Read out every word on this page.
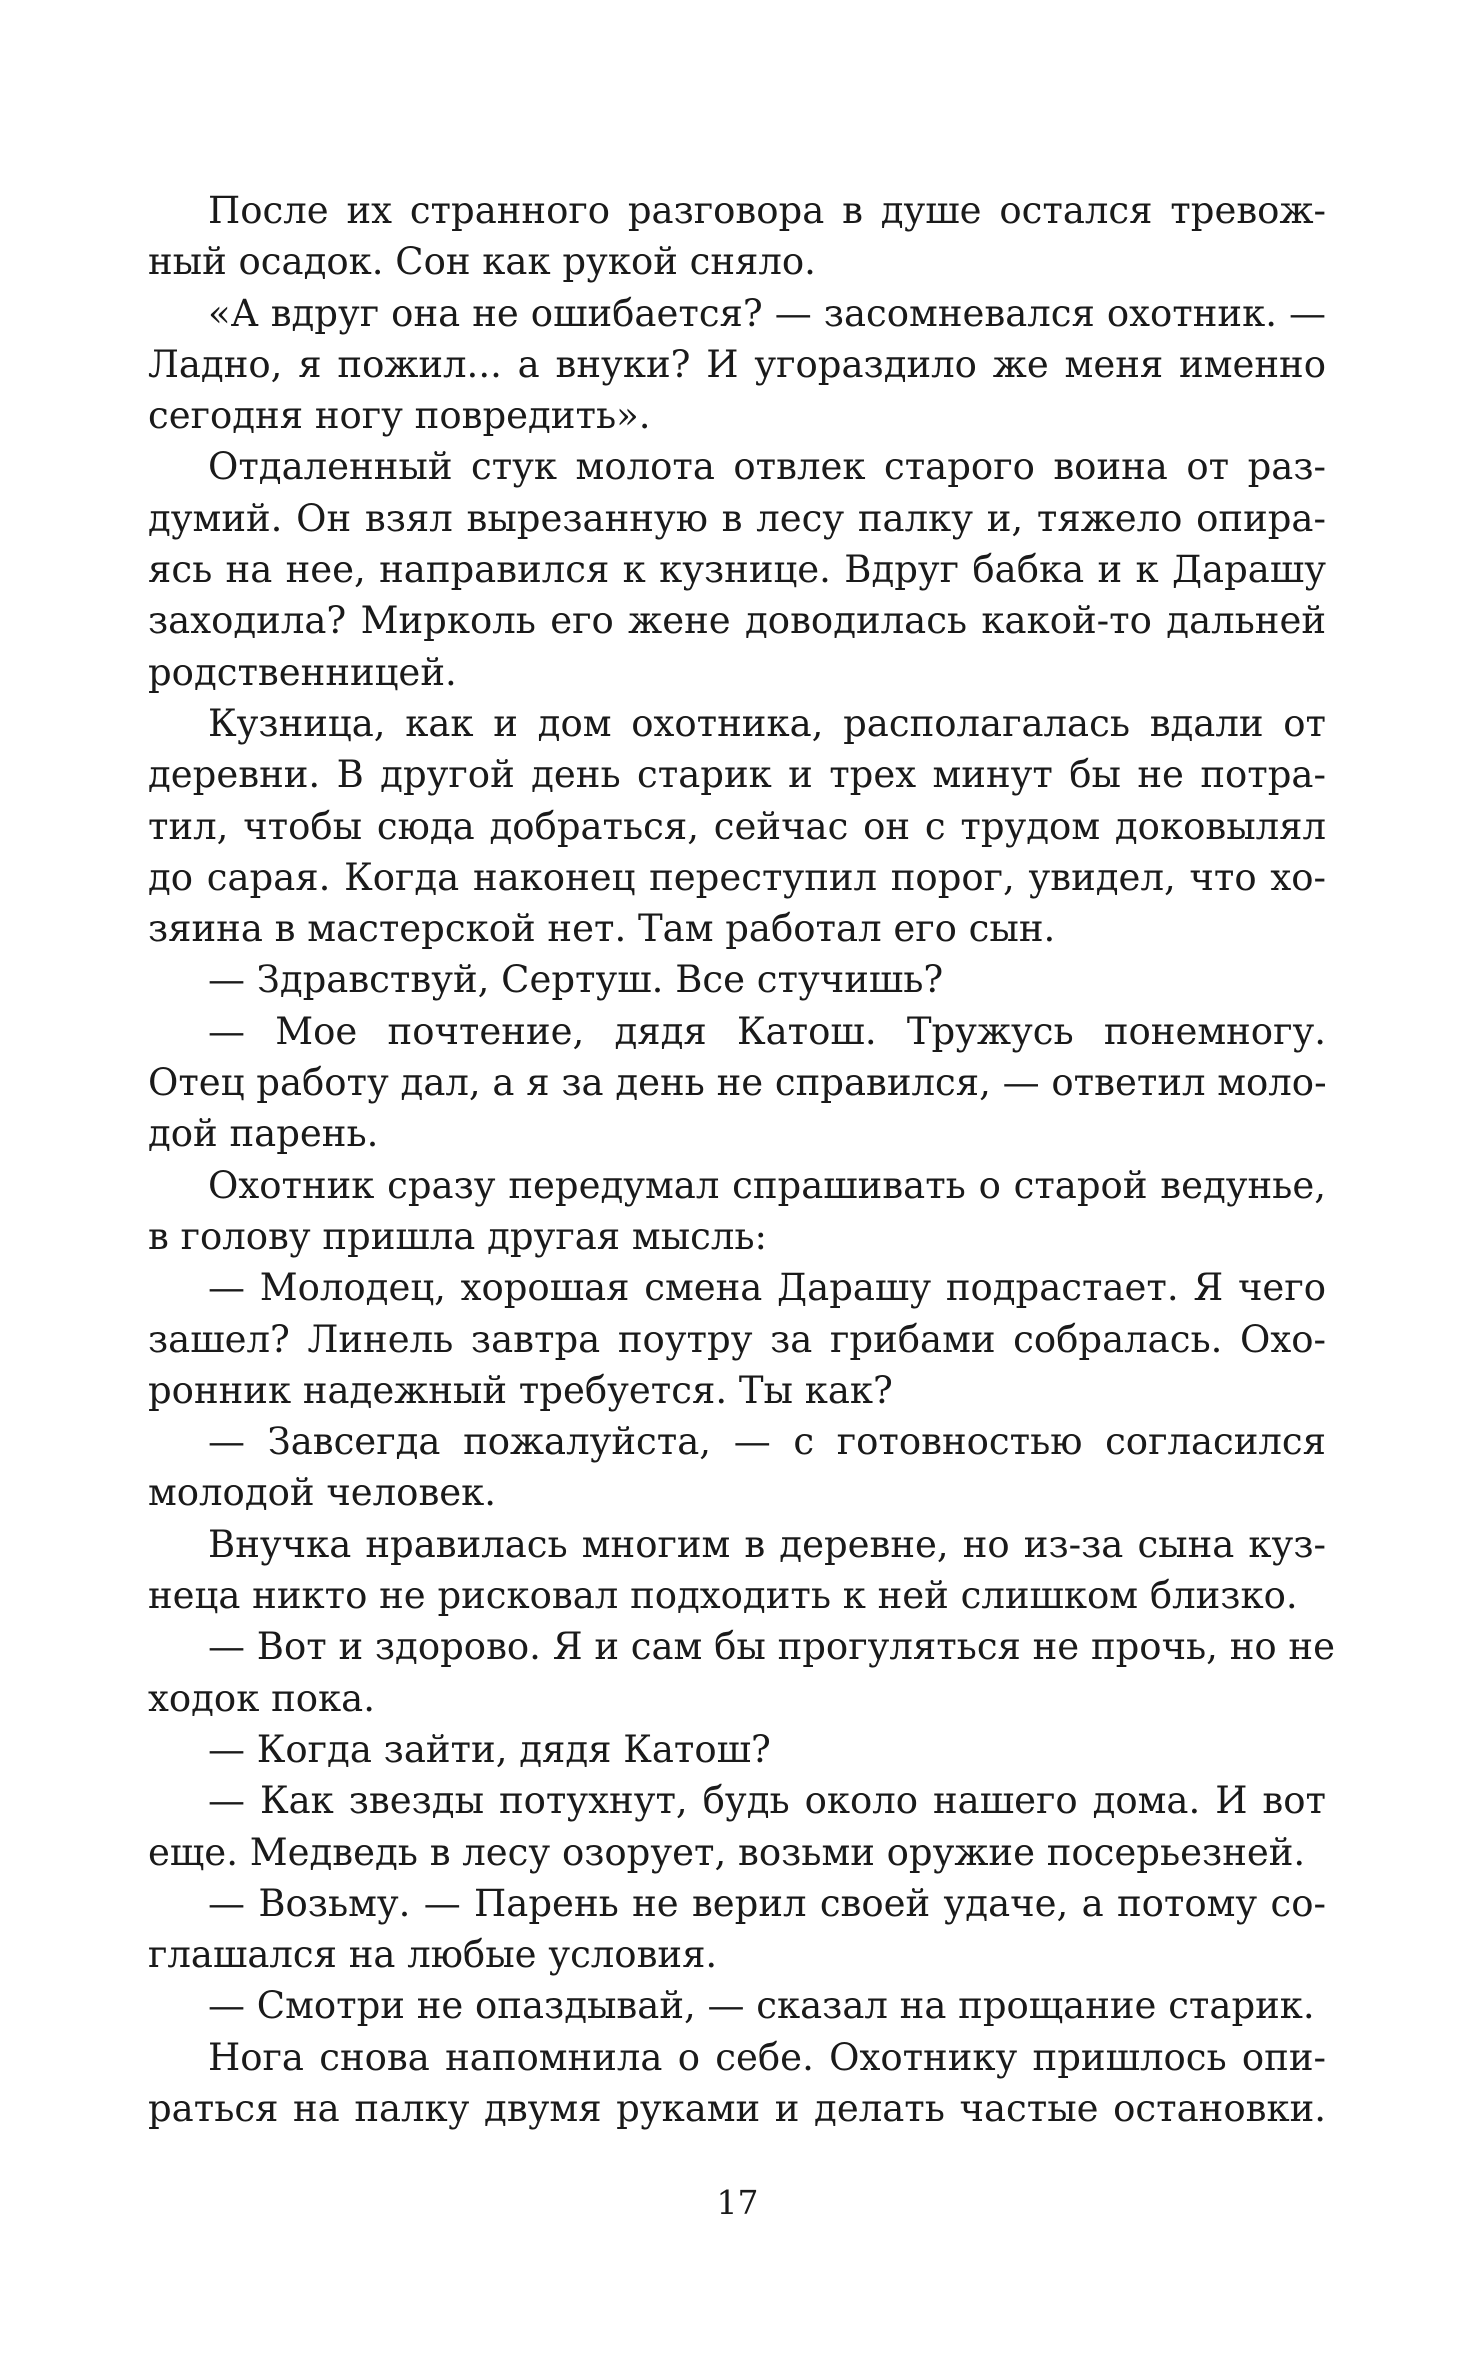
После их странного разговора в душе остался тревож-
ный осадок. Сон как рукой сняло.
«А вдруг она не ошибается? — засомневался охотник. —
Ладно, я пожил... а внуки? И угораздило же меня именно
сегодня ногу повредить».
Отдаленный стук молота отвлек старого воина от раз-
думий. Он взял вырезанную в лесу палку и, тяжело опира-
ясь на нее, направился к кузнице. Вдруг бабка и к Дарашу
заходила? Мирколь его жене доводилась какой-то дальней
родственницей.
Кузница, как и дом охотника, располагалась вдали от
деревни. В другой день старик и трех минут бы не потра-
тил, чтобы сюда добраться, сейчас он с трудом доковылял
до сарая. Когда наконец переступил порог, увидел, что хо-
зяина в мастерской нет. Там работал его сын.
— Здравствуй, Сертуш. Все стучишь?
— Мое почтение, дядя Катош. Тружусь понемногу.
Отец работу дал, а я за день не справился, — ответил моло-
дой парень.
Охотник сразу передумал спрашивать о старой ведунье,
в голову пришла другая мысль:
— Молодец, хорошая смена Дарашу подрастает. Я чего
зашел? Линель завтра поутру за грибами собралась. Охо-
ронник надежный требуется. Ты как?
— Завсегда пожалуйста, — с готовностью согласился
молодой человек.
Внучка нравилась многим в деревне, но из-за сына куз-
неца никто не рисковал подходить к ней слишком близко.
— Вот и здорово. Я и сам бы прогуляться не прочь, но не
ходок пока.
— Когда зайти, дядя Катош?
— Как звезды потухнут, будь около нашего дома. И вот
еще. Медведь в лесу озорует, возьми оружие посерьезней.
— Возьму. — Парень не верил своей удаче, а потому со-
глашался на любые условия.
— Смотри не опаздывай, — сказал на прощание старик.
Нога снова напомнила о себе. Охотнику пришлось опи-
раться на палку двумя руками и делать частые остановки.
17
